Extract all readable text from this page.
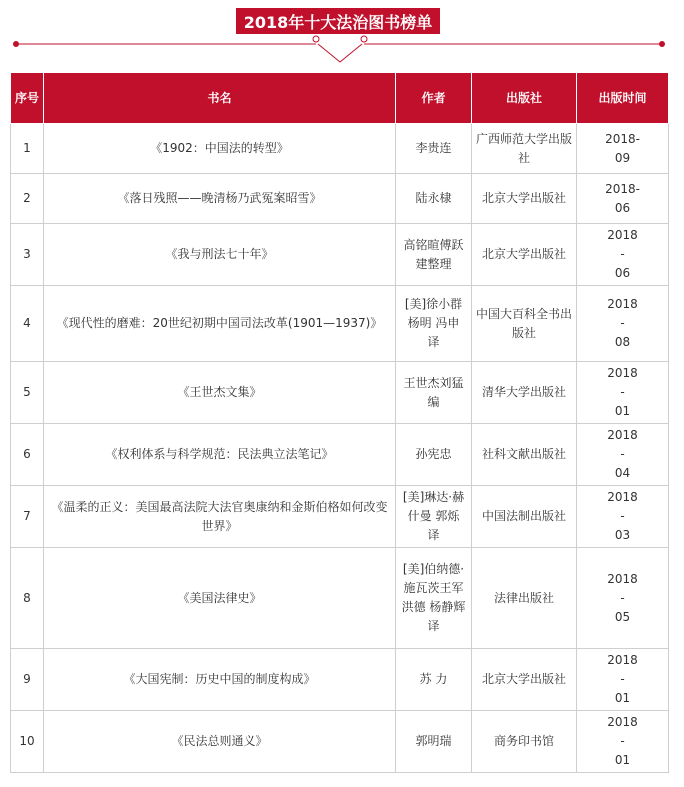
2018年十大法治图书榜单
序号	书名	作者	出版社	出版时间
1	《1902：中国法的转型》	李贵连	广西师范大学出版社	2018-
09

2	《落日残照——晚清杨乃武冤案昭雪》	陆永棣	北京大学出版社	2018-
06

3	《我与刑法七十年》	高铭暄傅跃建整理	北京大学出版社	2018
-
06

4	《现代性的磨难：20世纪初期中国司法改革(1901—1937)》	[美]徐小群杨明 冯申 译	中国大百科全书出版社	2018
-
08

5	《王世杰文集》	王世杰刘猛编	清华大学出版社	2018
-
01

6	《权利体系与科学规范：民法典立法笔记》	孙宪忠	社科文献出版社	2018
-
04

7	《温柔的正义：美国最高法院大法官奥康纳和金斯伯格如何改变世界》	[美]琳达·赫什曼 郭烁 译	中国法制出版社	2018
-
03

8	《美国法律史》	[美]伯纳德·施瓦茨王军 洪德 杨静辉 译	法律出版社	2018
-
05

9	《大国宪制：历史中国的制度构成》	苏 力	北京大学出版社	2018
-
01

10	《民法总则通义》	郭明瑞	商务印书馆	2018
-
01
